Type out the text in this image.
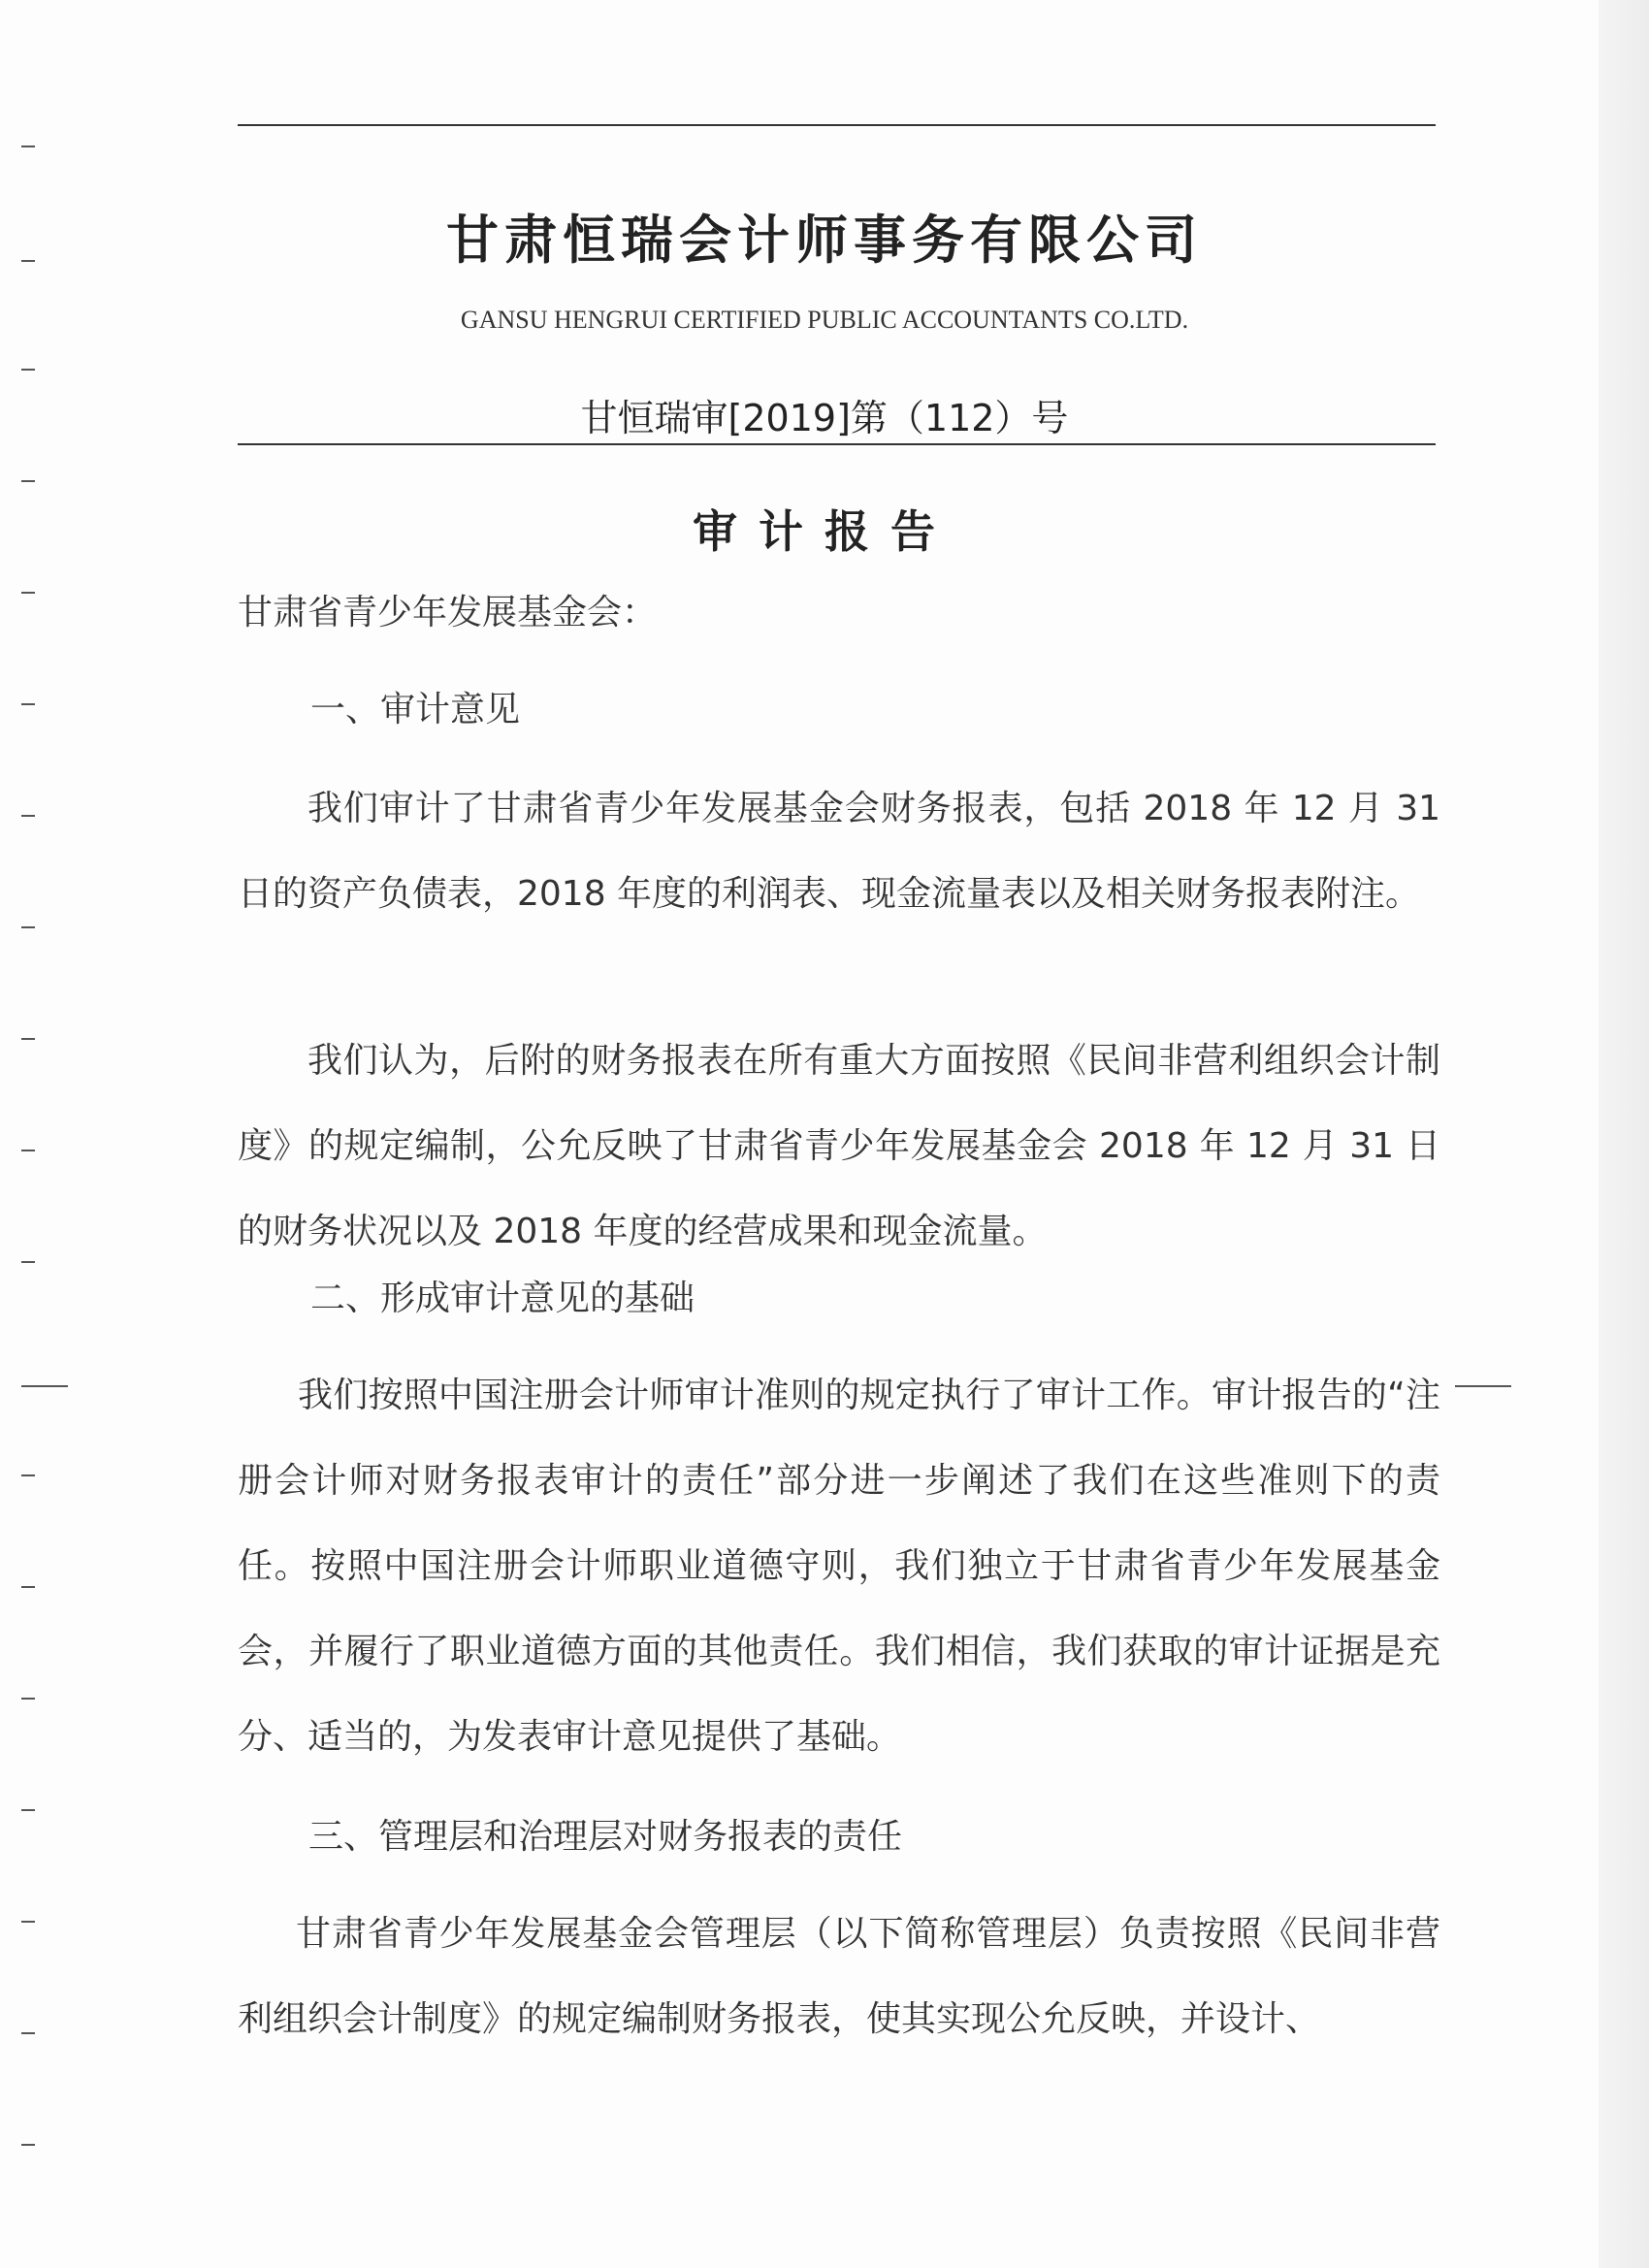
甘肃恒瑞会计师事务有限公司
GANSU HENGRUI CERTIFIED PUBLIC ACCOUNTANTS CO.LTD.
甘恒瑞审[2019]第（112）号
审计报告
甘肃省青少年发展基金会：
一、审计意见
我们审计了甘肃省青少年发展基金会财务报表，包括 2018 年 12 月 31 日的资产负债表，2018 年度的利润表、现金流量表以及相关财务报表附注。
我们认为，后附的财务报表在所有重大方面按照《民间非营利组织会计制度》的规定编制，公允反映了甘肃省青少年发展基金会 2018 年 12 月 31 日的财务状况以及 2018 年度的经营成果和现金流量。
二、形成审计意见的基础
我们按照中国注册会计师审计准则的规定执行了审计工作。审计报告的“注册会计师对财务报表审计的责任”部分进一步阐述了我们在这些准则下的责任。按照中国注册会计师职业道德守则，我们独立于甘肃省青少年发展基金会，并履行了职业道德方面的其他责任。我们相信，我们获取的审计证据是充分、适当的，为发表审计意见提供了基础。
三、管理层和治理层对财务报表的责任
甘肃省青少年发展基金会管理层（以下简称管理层）负责按照《民间非营利组织会计制度》的规定编制财务报表，使其实现公允反映，并设计、
